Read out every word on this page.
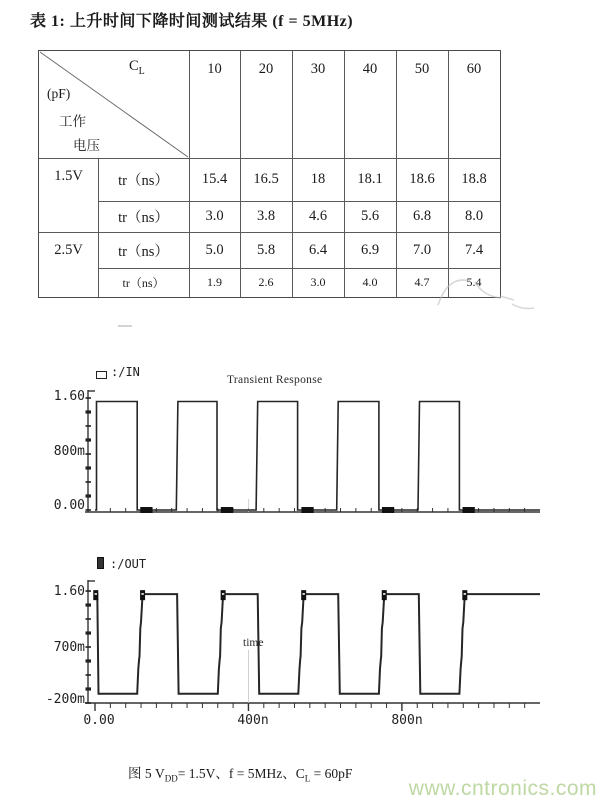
表 1: 上升时间下降时间测试结果 (f = 5MHz)
$C_L$
(pF)
工作
电压
10	20	30	40	50	60
1.5V	tr（ns）	15.4	16.5	18	18.1	18.6	18.8
tr（ns）	3.0	3.8	4.6	5.6	6.8	8.0
2.5V	tr（ns）	5.0	5.8	6.4	6.9	7.0	7.4
tr（ns）	1.9	2.6	3.0	4.0	4.7	5.4
:/IN
Transient Response
1.60
800m
0.00
:/OUT
1.60
700m
-200m
time
0.00	400n	800n
图 5 $V_{DD}= 1.5V$、f = 5MHz、$C_L = 60pF$
www.cntronics.com
